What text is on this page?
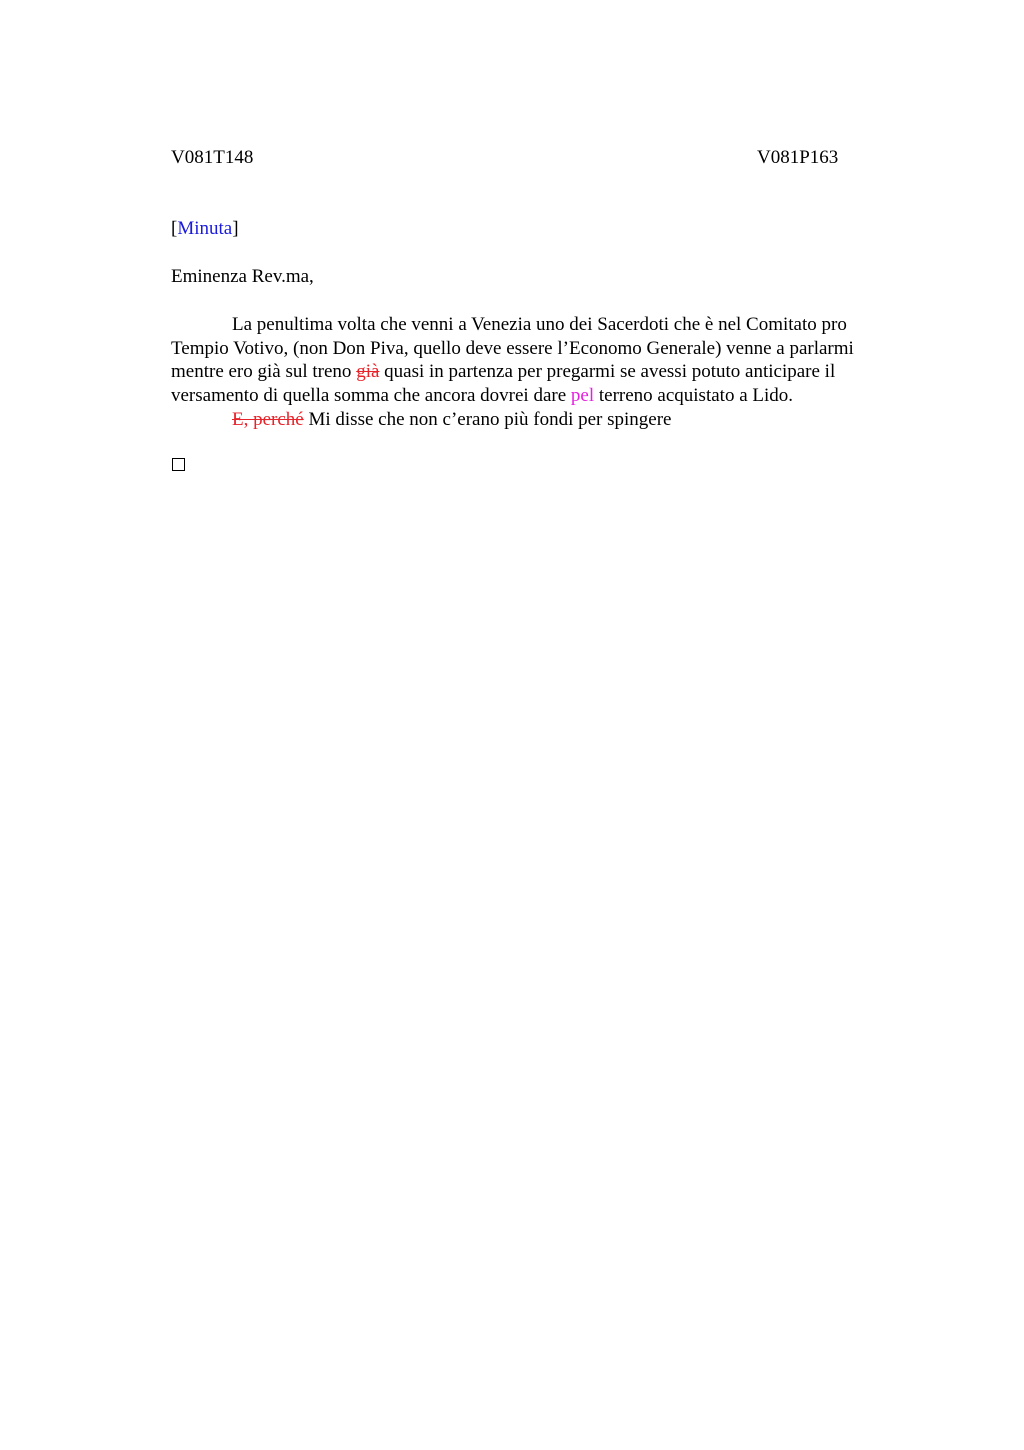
V081T148	V081P163
[Minuta]
Eminenza Rev.ma,
La penultima volta che venni a Venezia uno dei Sacerdoti che è nel Comitato pro
Tempio Votivo, (non Don Piva, quello deve essere l’Economo Generale) venne a parlarmi
mentre ero già sul treno già quasi in partenza per pregarmi se avessi potuto anticipare il
versamento di quella somma che ancora dovrei dare pel terreno acquistato a Lido.
E, perché Mi disse che non c’erano più fondi per spingere
